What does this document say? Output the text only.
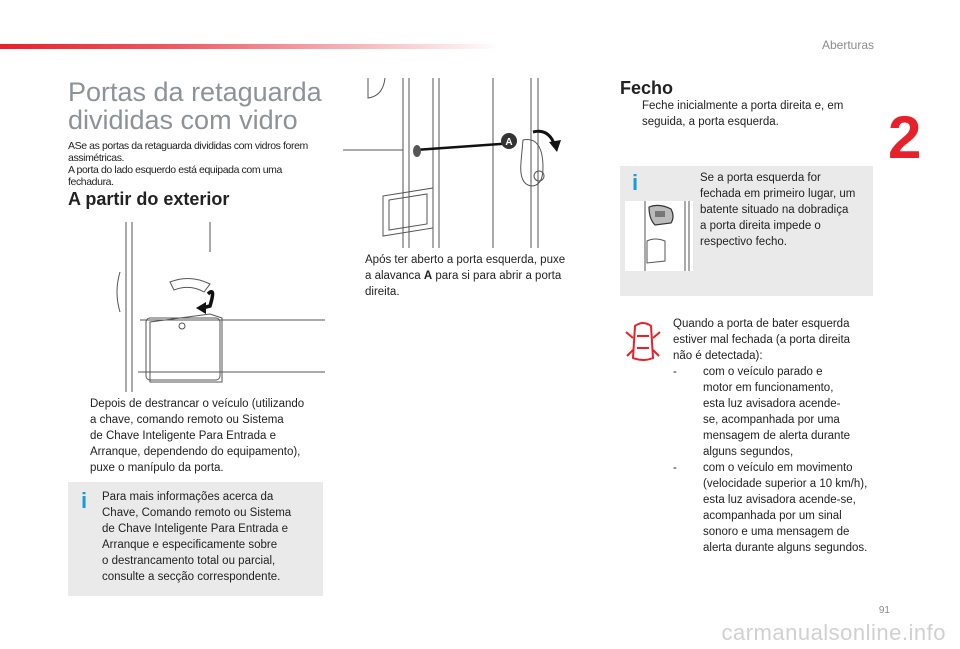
Aberturas
2
91
Portas da retaguarda
divididas com vidro
ASe as portas da retaguarda divididas com vidros forem
assimétricas.
A porta do lado esquerdo está equipada com uma fechadura.
A partir do exterior
Depois de destrancar o veículo (utilizando
a chave, comando remoto ou Sistema
de Chave Inteligente Para Entrada e
Arranque, dependendo do equipamento),
puxe o manípulo da porta.
i Para mais informações acerca da
Chave, Comando remoto ou Sistema
de Chave Inteligente Para Entrada e
Arranque e especificamente sobre
o destrancamento total ou parcial,
consulte a secção correspondente.
A
Após ter aberto a porta esquerda, puxe
a alavanca A para si para abrir a porta
direita.
Fecho
Feche inicialmente a porta direita e, em
seguida, a porta esquerda.
i	Se a porta esquerda for
fechada em primeiro lugar, um
batente situado na dobradiça
a porta direita impede o
respectivo fecho.
Quando a porta de bater esquerda
estiver mal fechada (a porta direita
não é detectada):
-	com o veículo parado e
motor em funcionamento,
esta luz avisadora acende-
se, acompanhada por uma
mensagem de alerta durante
alguns segundos,
-	com o veículo em movimento
(velocidade superior a 10 km/h),
esta luz avisadora acende-se,
acompanhada por um sinal
sonoro e uma mensagem de
alerta durante alguns segundos.
carmanualsonline.info
